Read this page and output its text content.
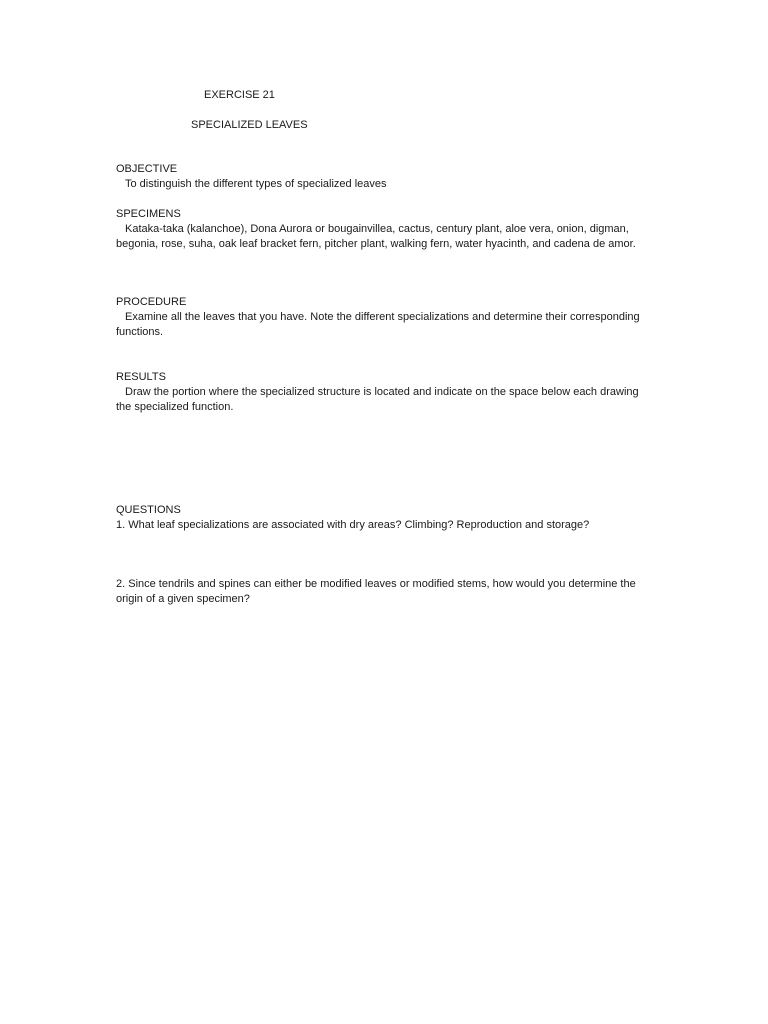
EXERCISE 21
SPECIALIZED LEAVES

OBJECTIVE

To distinguish the different types of specialized leaves

SPECIMENS

Kataka-taka (kalanchoe), Dona Aurora or bougainvillea, cactus, century plant, aloe vera, onion, digman, begonia, rose, suha, oak leaf bracket fern, pitcher plant, walking fern, water hyacinth, and cadena de amor.

PROCEDURE

Examine all the leaves that you have. Note the different specializations and determine their corresponding functions.

RESULTS

Draw the portion where the specialized structure is located and indicate on the space below each drawing the specialized function.

QUESTIONS

1. What leaf specializations are associated with dry areas? Climbing? Reproduction and storage?

2. Since tendrils and spines can either be modified leaves or modified stems, how would you determine the origin of a given specimen?
